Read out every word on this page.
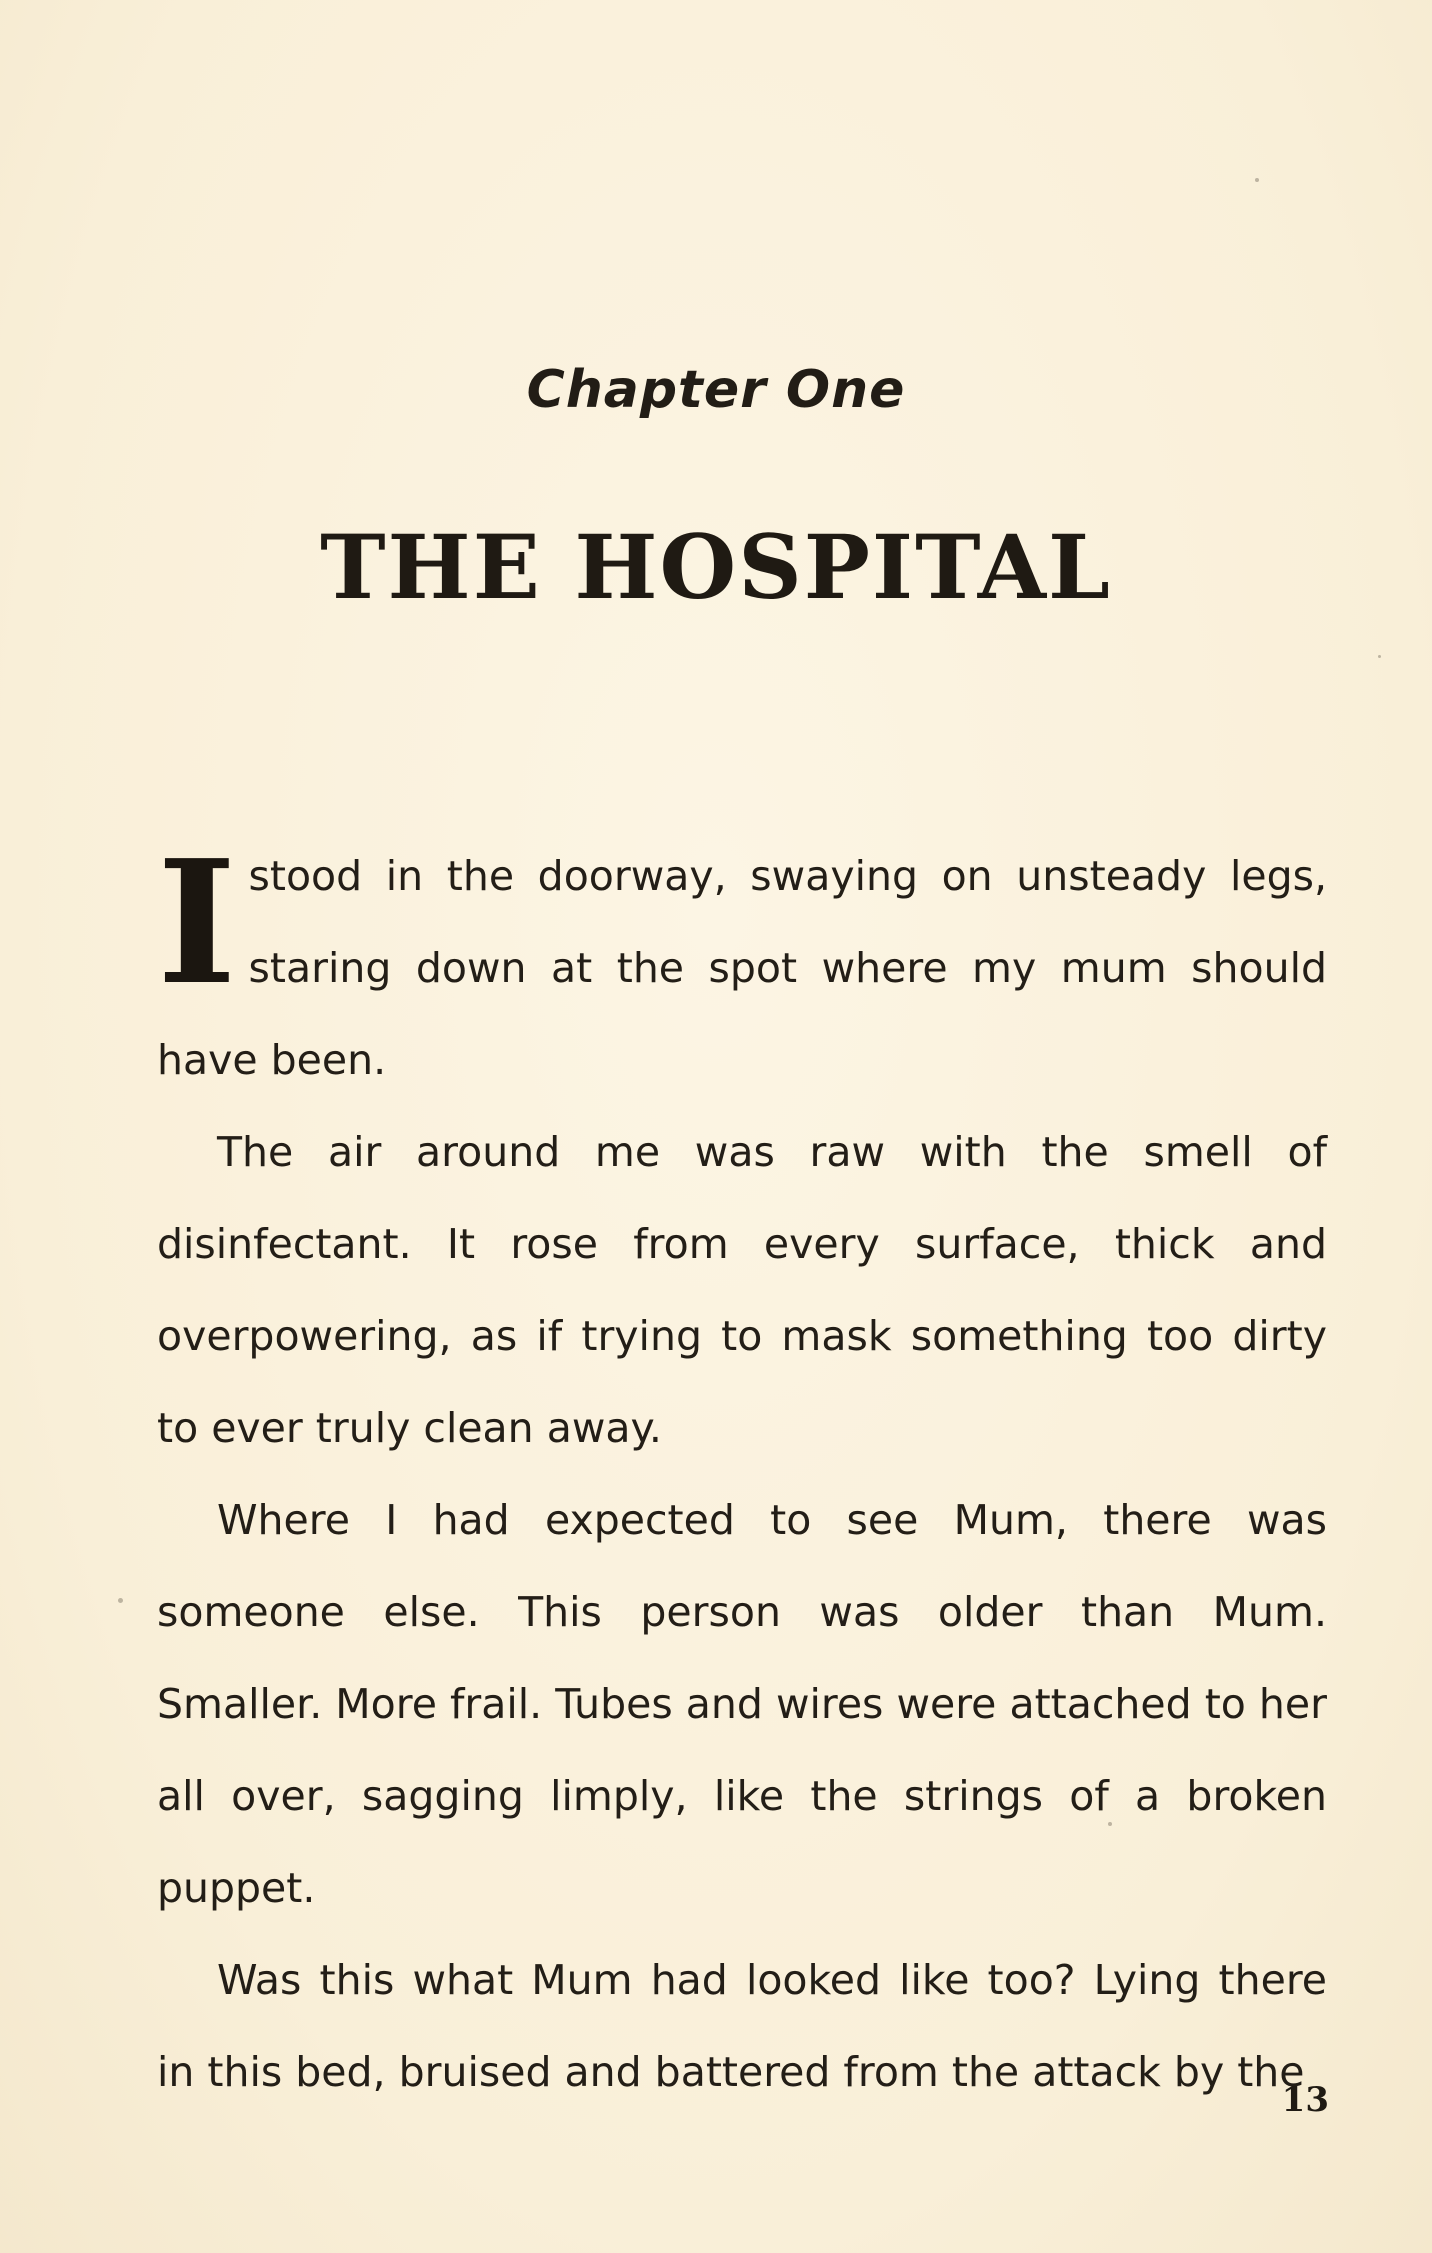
Chapter One
THE HOSPITAL

I stood in the doorway, swaying on unsteady legs, staring down at the spot where my mum should have been.

The air around me was raw with the smell of disinfectant. It rose from every surface, thick and overpowering, as if trying to mask something too dirty to ever truly clean away.

Where I had expected to see Mum, there was someone else. This person was older than Mum. Smaller. More frail. Tubes and wires were attached to her all over, sagging limply, like the strings of a broken puppet.

Was this what Mum had looked like too? Lying there in this bed, bruised and battered from the attack by the

13
